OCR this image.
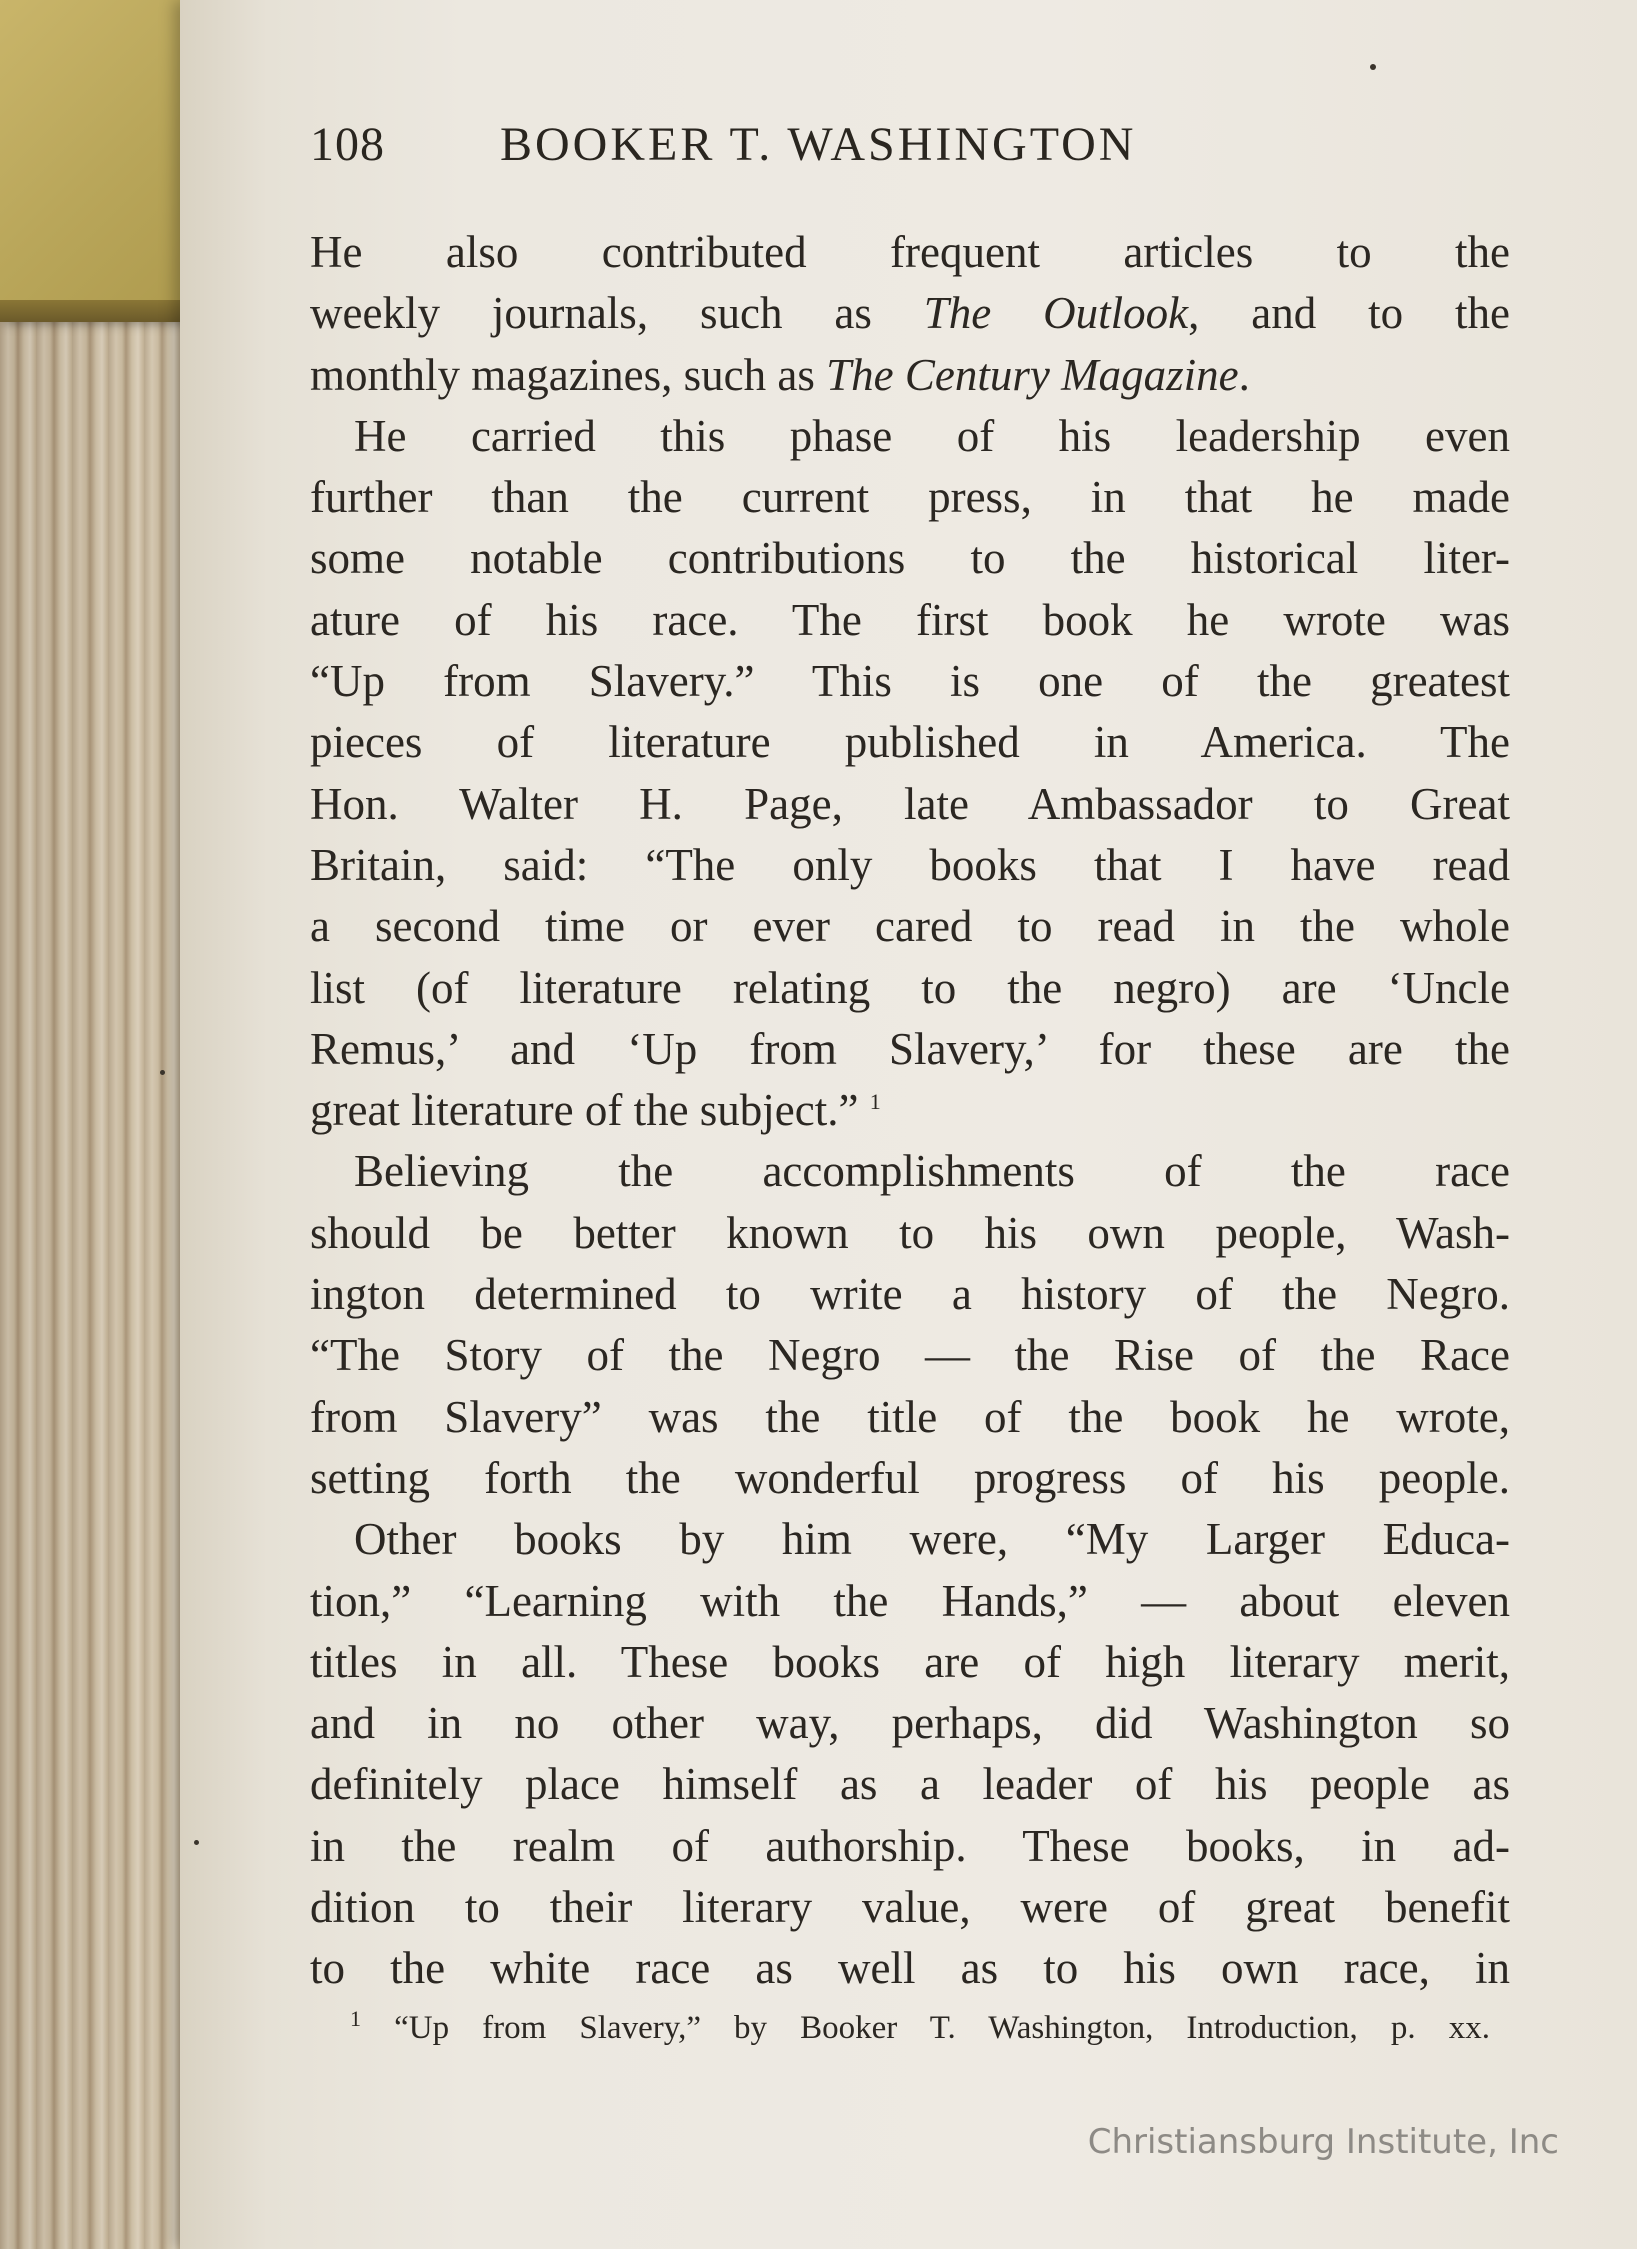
108 BOOKER T. WASHINGTON
He also contributed frequent articles to the
weekly journals, such as The Outlook, and to the
monthly magazines, such as The Century Magazine.
He carried this phase of his leadership even
further than the current press, in that he made
some notable contributions to the historical liter-
ature of his race. The first book he wrote was
“Up from Slavery.” This is one of the greatest
pieces of literature published in America. The
Hon. Walter H. Page, late Ambassador to Great
Britain, said: “The only books that I have read
a second time or ever cared to read in the whole
list (of literature relating to the negro) are ‘Uncle
Remus,’ and ‘Up from Slavery,’ for these are the
great literature of the subject.” $^1$
Believing the accomplishments of the race
should be better known to his own people, Wash-
ington determined to write a history of the Negro.
“The Story of the Negro — the Rise of the Race
from Slavery” was the title of the book he wrote,
setting forth the wonderful progress of his people.
Other books by him were, “My Larger Educa-
tion,” “Learning with the Hands,” — about eleven
titles in all. These books are of high literary merit,
and in no other way, perhaps, did Washington so
definitely place himself as a leader of his people as
in the realm of authorship. These books, in ad-
dition to their literary value, were of great benefit
to the white race as well as to his own race, in
$^1$ “Up from Slavery,” by Booker T. Washington, Introduction, p. xx.
Christiansburg Institute, Inc
